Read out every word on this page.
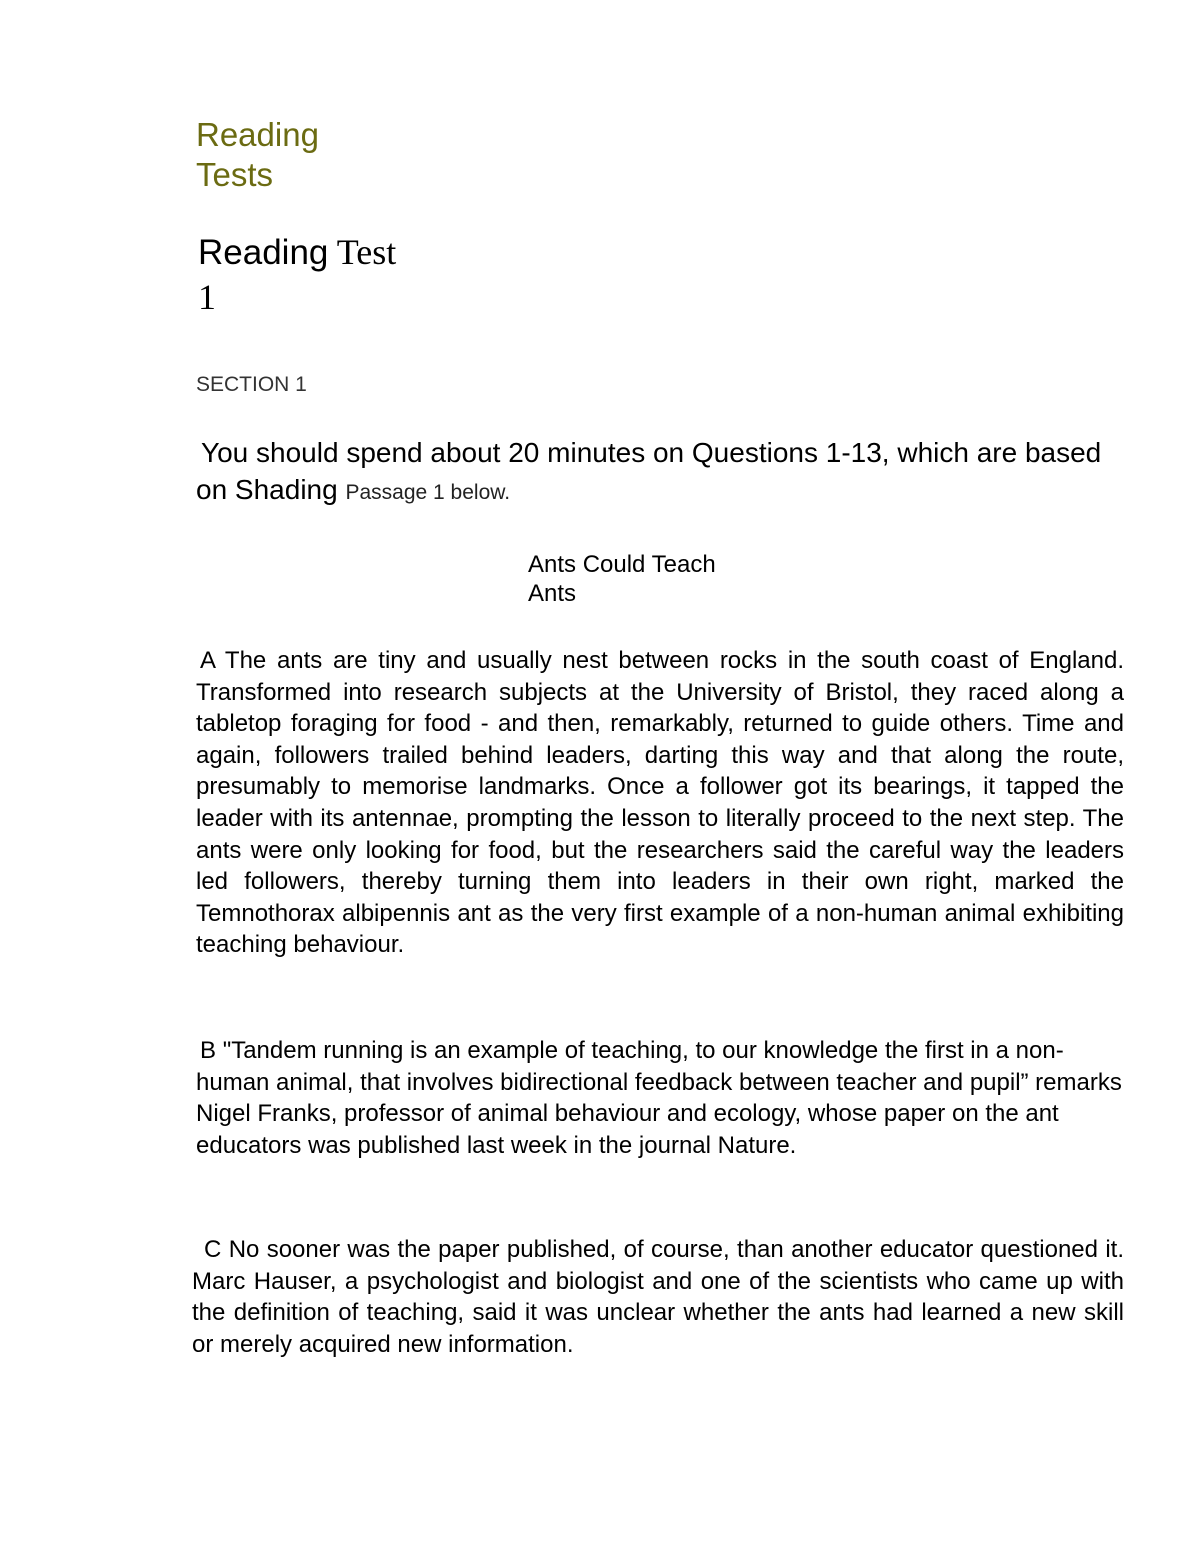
Reading
Tests
Reading Test
1

SECTION 1

You should spend about 20 minutes on Questions 1-13, which are based on Shading Passage 1 below.

Ants Could Teach
Ants

A The ants are tiny and usually nest between rocks in the south coast of England. Transformed into research subjects at the University of Bristol, they raced along a tabletop foraging for food - and then, remarkably, returned to guide others. Time and again, followers trailed behind leaders, darting this way and that along the route, presumably to memorise landmarks. Once a follower got its bearings, it tapped the leader with its antennae, prompting the lesson to literally proceed to the next step. The ants were only looking for food, but the researchers said the careful way the leaders led followers, thereby turning them into leaders in their own right, marked the Temnothorax albipennis ant as the very first example of a non-human animal exhibiting teaching behaviour.

B "Tandem running is an example of teaching, to our knowledge the first in a non-human animal, that involves bidirectional feedback between teacher and pupil” remarks Nigel Franks, professor of animal behaviour and ecology, whose paper on the ant educators was published last week in the journal Nature.

C No sooner was the paper published, of course, than another educator questioned it. Marc Hauser, a psychologist and biologist and one of the scientists who came up with the definition of teaching, said it was unclear whether the ants had learned a new skill or merely acquired new information.
